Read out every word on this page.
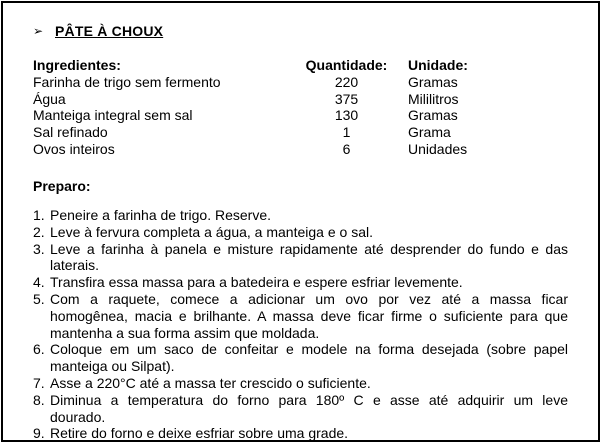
➢ PÂTE À CHOUX
Ingredientes:	Quantidade:	Unidade:
Farinha de trigo sem fermento	220	Gramas
Água	375	Mililitros
Manteiga integral sem sal	130	Gramas
Sal refinado	1	Grama
Ovos inteiros	6	Unidades
Preparo:
1. Peneire a farinha de trigo. Reserve.
2. Leve à fervura completa a água, a manteiga e o sal.
3. Leve a farinha à panela e misture rapidamente até desprender do fundo e das
laterais.
4. Transfira essa massa para a batedeira e espere esfriar levemente.
5. Com a raquete, comece a adicionar um ovo por vez até a massa ficar
homogênea, macia e brilhante. A massa deve ficar firme o suficiente para que
mantenha a sua forma assim que moldada.
6. Coloque em um saco de confeitar e modele na forma desejada (sobre papel
manteiga ou Silpat).
7. Asse a 220°C até a massa ter crescido o suficiente.
8. Diminua a temperatura do forno para 180º C e asse até adquirir um leve
dourado.
9. Retire do forno e deixe esfriar sobre uma grade.
